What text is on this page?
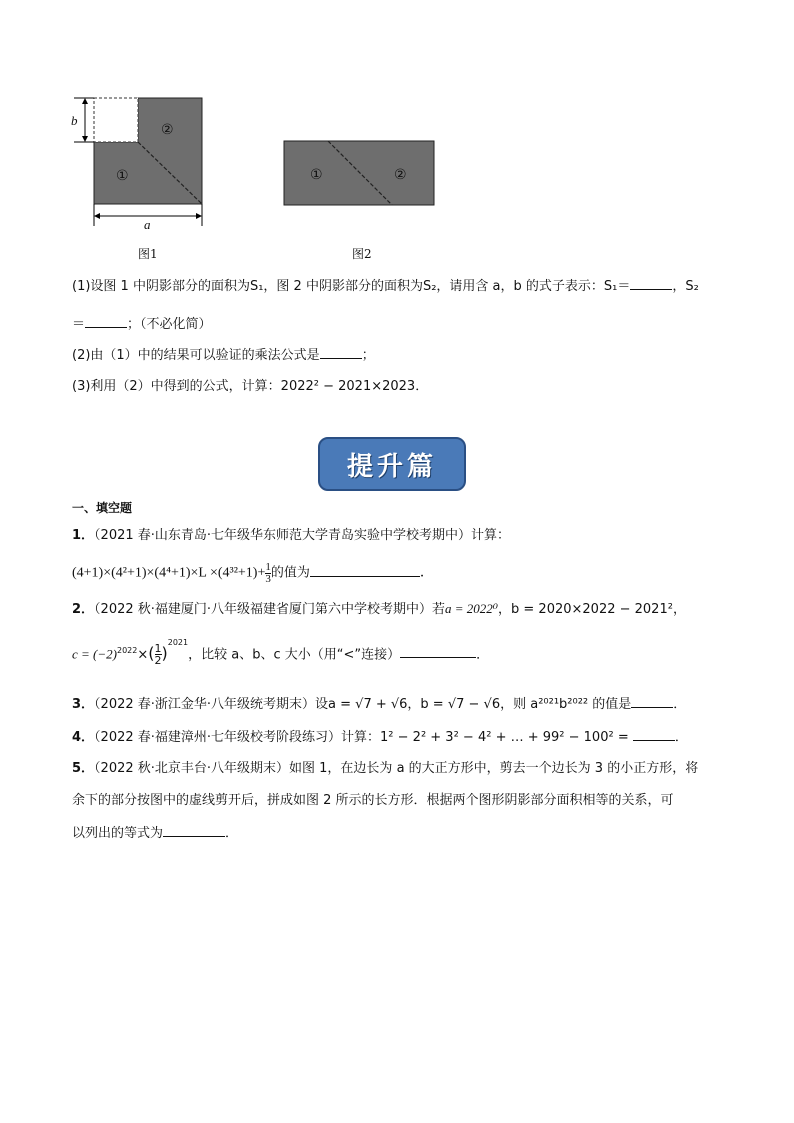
b
a
②
①
图1
①	②
图2
(1)设图 1 中阴影部分的面积为S₁，图 2 中阴影部分的面积为S₂，请用含 a，b 的式子表示：S₁＝	，S₂
＝	；（不必化简）
(2)由（1）中的结果可以验证的乘法公式是	；
(3)利用（2）中得到的公式，计算：2022² − 2021×2023．
提升篇
一、填空题
1．（2021 春·山东青岛·七年级华东师范大学青岛实验中学校考期中）计算：
$(4+1)\times(4^2+1)\times(4^4+1)\times L \times(4^{32}+1)+ \frac{1}{3}$ 的值为	．
2．（2022 秋·福建厦门·八年级福建省厦门第六中学校考期中）若a = 2022⁰，b = 2020×2022 − 2021²，
$c = (-2)^{2022}\times( \frac{1}{2} )^{2021}$，比较 a、b、c 大小（用“<”连接）	．
3．（2022 春·浙江金华·八年级统考期末）设a = √7 + √6，b = √7 − √6，则 a²⁰²¹b²⁰²² 的值是	．
4．（2022 春·福建漳州·七年级校考阶段练习）计算：1² − 2² + 3² − 4² + … + 99² − 100² =	．
5．（2022 秋·北京丰台·八年级期末）如图 1，在边长为 a 的大正方形中，剪去一个边长为 3 的小正方形，将
余下的部分按图中的虚线剪开后，拼成如图 2 所示的长方形．根据两个图形阴影部分面积相等的关系，可
以列出的等式为	．
